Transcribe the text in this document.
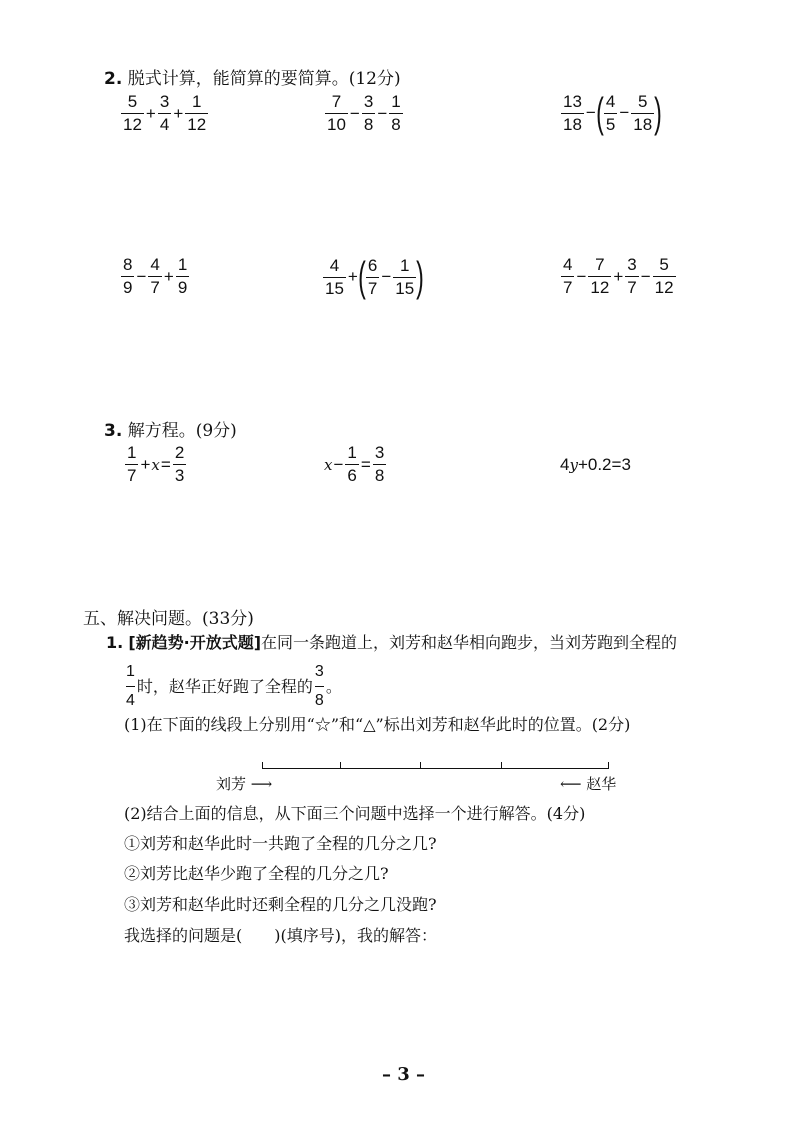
2. 脱式计算，能简算的要简算。(12分)
$\frac{5}{12} + \frac{3}{4} + \frac{1}{12}$	$\frac{7}{10} - \frac{3}{8} - \frac{1}{8}$	$\frac{13}{18}$ − ( $\frac{4}{5} - \frac{5}{18}$ )
$\frac{8}{9} - \frac{4}{7} + \frac{1}{9}$	$\frac{4}{15}$ + ( $\frac{6}{7} - \frac{1}{15}$ )	$\frac{4}{7} - \frac{7}{12} + \frac{3}{7} - \frac{5}{12}$
3. 解方程。(9分)
$\frac{1}{7} + x = \frac{2}{3}$	$x - \frac{1}{6} = \frac{3}{8}$	4 y +0.2=3
五、解决问题。(33分)
1. [新趋势·开放式题]在同一条跑道上，刘芳和赵华相向跑步，当刘芳跑到全程的
$\frac{1}{4}$ 时，赵华正好跑了全程的 $\frac{3}{8}$ 。
(1)在下面的线段上分别用“☆”和“△”标出刘芳和赵华此时的位置。(2分)
刘芳 ⟶	⟵ 赵华
(2)结合上面的信息，从下面三个问题中选择一个进行解答。(4分)
①刘芳和赵华此时一共跑了全程的几分之几?
②刘芳比赵华少跑了全程的几分之几?
③刘芳和赵华此时还剩全程的几分之几没跑?
我选择的问题是(　　)(填序号)，我的解答：
– 3 –
